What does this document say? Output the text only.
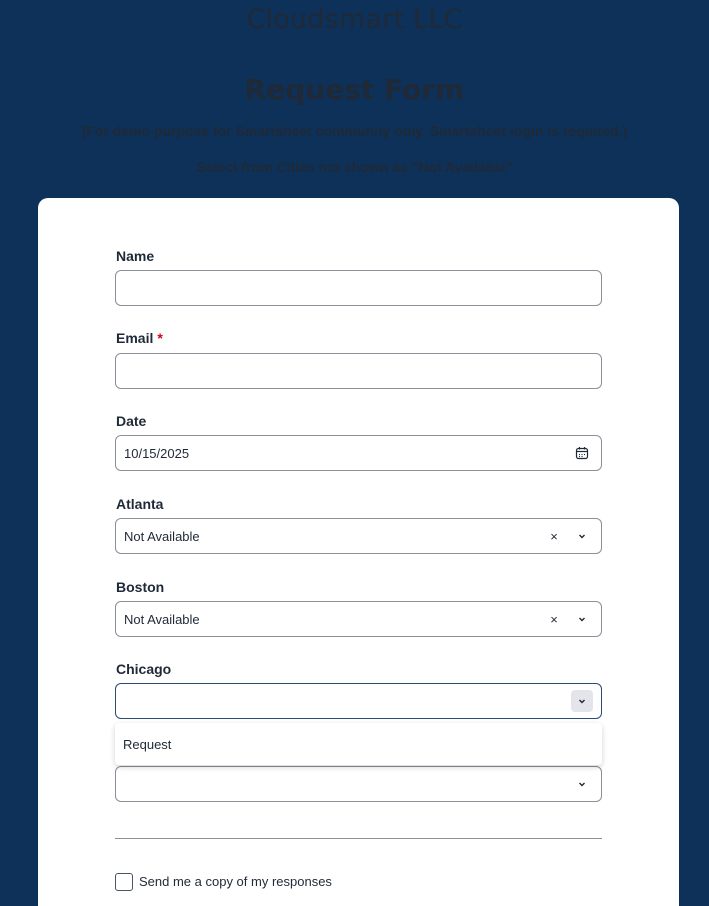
Cloudsmart LLC
Request Form
(For demo purpose for Smartsheet community only. Smartsheet login is required.)
Select from Cities not shown as "Not Available"
Name
Email *
Date
10/15/2025
Atlanta
Not Available	×
Boston
Not Available	×
Chicago
Request
Send me a copy of my responses
